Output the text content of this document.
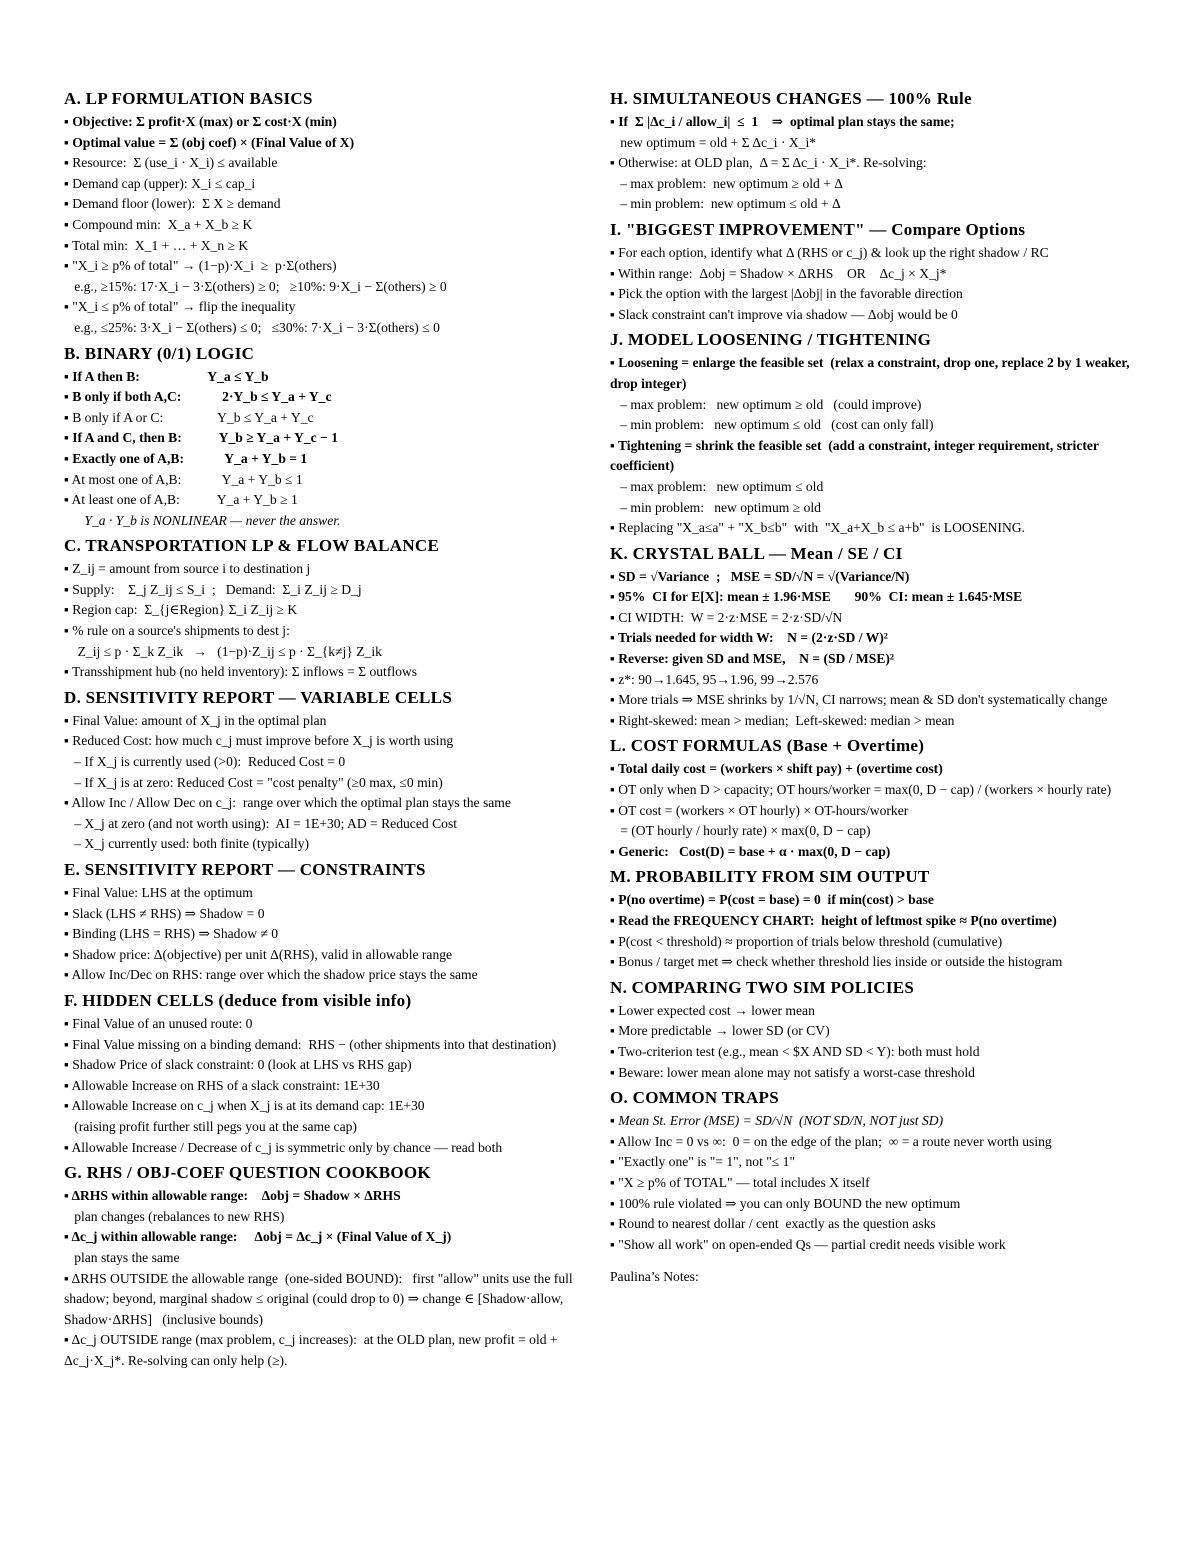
A. LP FORMULATION BASICS
▪ Objective: Σ profit·X (max) or Σ cost·X (min)
▪ Optimal value = Σ (obj coef) × (Final Value of X)
▪ Resource:  Σ (use_i · X_i) ≤ available
▪ Demand cap (upper): X_i ≤ cap_i
▪ Demand floor (lower):  Σ X ≥ demand
▪ Compound min:  X_a + X_b ≥ K
▪ Total min:  X_1 + … + X_n ≥ K
▪ "X_i ≥ p% of total" → (1−p)·X_i  ≥  p·Σ(others)
e.g., ≥15%: 17·X_i − 3·Σ(others) ≥ 0;   ≥10%: 9·X_i − Σ(others) ≥ 0
▪ "X_i ≤ p% of total" → flip the inequality
e.g., ≤25%: 3·X_i − Σ(others) ≤ 0;   ≤30%: 7·X_i − 3·Σ(others) ≤ 0
B. BINARY (0/1) LOGIC
▪ If A then B:                    Y_a ≤ Y_b
▪ B only if both A,C:            2·Y_b ≤ Y_a + Y_c
▪ B only if A or C:                Y_b ≤ Y_a + Y_c
▪ If A and C, then B:           Y_b ≥ Y_a + Y_c − 1
▪ Exactly one of A,B:            Y_a + Y_b = 1
▪ At most one of A,B:            Y_a + Y_b ≤ 1
▪ At least one of A,B:           Y_a + Y_b ≥ 1
Y_a · Y_b is NONLINEAR — never the answer.
C. TRANSPORTATION LP & FLOW BALANCE
▪ Z_ij = amount from source i to destination j
▪ Supply:    Σ_j Z_ij ≤ S_i  ;   Demand:  Σ_i Z_ij ≥ D_j
▪ Region cap:  Σ_{j∈Region} Σ_i Z_ij ≥ K
▪ % rule on a source's shipments to dest j:
Z_ij ≤ p · Σ_k Z_ik   →   (1−p)·Z_ij ≤ p · Σ_{k≠j} Z_ik
▪ Transshipment hub (no held inventory): Σ inflows = Σ outflows
D. SENSITIVITY REPORT — VARIABLE CELLS
▪ Final Value: amount of X_j in the optimal plan
▪ Reduced Cost: how much c_j must improve before X_j is worth using
– If X_j is currently used (>0):  Reduced Cost = 0
– If X_j is at zero: Reduced Cost = "cost penalty" (≥0 max, ≤0 min)
▪ Allow Inc / Allow Dec on c_j:  range over which the optimal plan stays the same
– X_j at zero (and not worth using):  AI = 1E+30; AD = Reduced Cost
– X_j currently used: both finite (typically)
E. SENSITIVITY REPORT — CONSTRAINTS
▪ Final Value: LHS at the optimum
▪ Slack (LHS ≠ RHS) ⇒ Shadow = 0
▪ Binding (LHS = RHS) ⇒ Shadow ≠ 0
▪ Shadow price: Δ(objective) per unit Δ(RHS), valid in allowable range
▪ Allow Inc/Dec on RHS: range over which the shadow price stays the same
F. HIDDEN CELLS (deduce from visible info)
▪ Final Value of an unused route: 0
▪ Final Value missing on a binding demand:  RHS − (other shipments into that destination)
▪ Shadow Price of slack constraint: 0 (look at LHS vs RHS gap)
▪ Allowable Increase on RHS of a slack constraint: 1E+30
▪ Allowable Increase on c_j when X_j is at its demand cap: 1E+30
(raising profit further still pegs you at the same cap)
▪ Allowable Increase / Decrease of c_j is symmetric only by chance — read both
G. RHS / OBJ-COEF QUESTION COOKBOOK
▪ ΔRHS within allowable range:    Δobj = Shadow × ΔRHS
plan changes (rebalances to new RHS)
▪ Δc_j within allowable range:     Δobj = Δc_j × (Final Value of X_j)
plan stays the same
▪ ΔRHS OUTSIDE the allowable range  (one-sided BOUND):   first "allow" units use the full shadow; beyond, marginal shadow ≤ original (could drop to 0) ⇒ change ∈ [Shadow·allow,  Shadow·ΔRHS]   (inclusive bounds)
▪ Δc_j OUTSIDE range (max problem, c_j increases):  at the OLD plan, new profit = old + Δc_j·X_j*. Re-solving can only help (≥).
H. SIMULTANEOUS CHANGES — 100% Rule
▪ If  Σ |Δc_i / allow_i|  ≤  1    ⇒  optimal plan stays the same;
new optimum = old + Σ Δc_i · X_i*
▪ Otherwise: at OLD plan,  Δ = Σ Δc_i · X_i*. Re-solving:
– max problem:  new optimum ≥ old + Δ
– min problem:  new optimum ≤ old + Δ
I. "BIGGEST IMPROVEMENT" — Compare Options
▪ For each option, identify what Δ (RHS or c_j) & look up the right shadow / RC
▪ Within range:  Δobj = Shadow × ΔRHS    OR    Δc_j × X_j*
▪ Pick the option with the largest |Δobj| in the favorable direction
▪ Slack constraint can't improve via shadow — Δobj would be 0
J. MODEL LOOSENING / TIGHTENING
▪ Loosening = enlarge the feasible set  (relax a constraint, drop one, replace 2 by 1 weaker, drop integer)
– max problem:   new optimum ≥ old   (could improve)
– min problem:   new optimum ≤ old   (cost can only fall)
▪ Tightening = shrink the feasible set  (add a constraint, integer requirement, stricter coefficient)
– max problem:   new optimum ≤ old
– min problem:   new optimum ≥ old
▪ Replacing "X_a≤a" + "X_b≤b"  with  "X_a+X_b ≤ a+b"  is LOOSENING.
K. CRYSTAL BALL — Mean / SE / CI
▪ SD = √Variance  ;   MSE = SD/√N = √(Variance/N)
▪ 95%  CI for E[X]: mean ± 1.96·MSE       90%  CI: mean ± 1.645·MSE
▪ CI WIDTH:  W = 2·z·MSE = 2·z·SD/√N
▪ Trials needed for width W:    N = (2·z·SD / W)²
▪ Reverse: given SD and MSE,    N = (SD / MSE)²
▪ z*: 90→1.645, 95→1.96, 99→2.576
▪ More trials ⇒ MSE shrinks by 1/√N, CI narrows; mean & SD don't systematically change
▪ Right-skewed: mean > median;  Left-skewed: median > mean
L. COST FORMULAS (Base + Overtime)
▪ Total daily cost = (workers × shift pay) + (overtime cost)
▪ OT only when D > capacity; OT hours/worker = max(0, D − cap) / (workers × hourly rate)
▪ OT cost = (workers × OT hourly) × OT-hours/worker
= (OT hourly / hourly rate) × max(0, D − cap)
▪ Generic:   Cost(D) = base + α · max(0, D − cap)
M. PROBABILITY FROM SIM OUTPUT
▪ P(no overtime) = P(cost = base) = 0  if min(cost) > base
▪ Read the FREQUENCY CHART:  height of leftmost spike ≈ P(no overtime)
▪ P(cost < threshold) ≈ proportion of trials below threshold (cumulative)
▪ Bonus / target met ⇒ check whether threshold lies inside or outside the histogram
N. COMPARING TWO SIM POLICIES
▪ Lower expected cost → lower mean
▪ More predictable → lower SD (or CV)
▪ Two-criterion test (e.g., mean < $X AND SD < Y): both must hold
▪ Beware: lower mean alone may not satisfy a worst-case threshold
O. COMMON TRAPS
▪ Mean St. Error (MSE) = SD/√N  (NOT SD/N, NOT just SD)
▪ Allow Inc = 0 vs ∞:  0 = on the edge of the plan;  ∞ = a route never worth using
▪ "Exactly one" is "= 1", not "≤ 1"
▪ "X ≥ p% of TOTAL" — total includes X itself
▪ 100% rule violated ⇒ you can only BOUND the new optimum
▪ Round to nearest dollar / cent  exactly as the question asks
▪ "Show all work" on open-ended Qs — partial credit needs visible work
Paulina’s Notes:
